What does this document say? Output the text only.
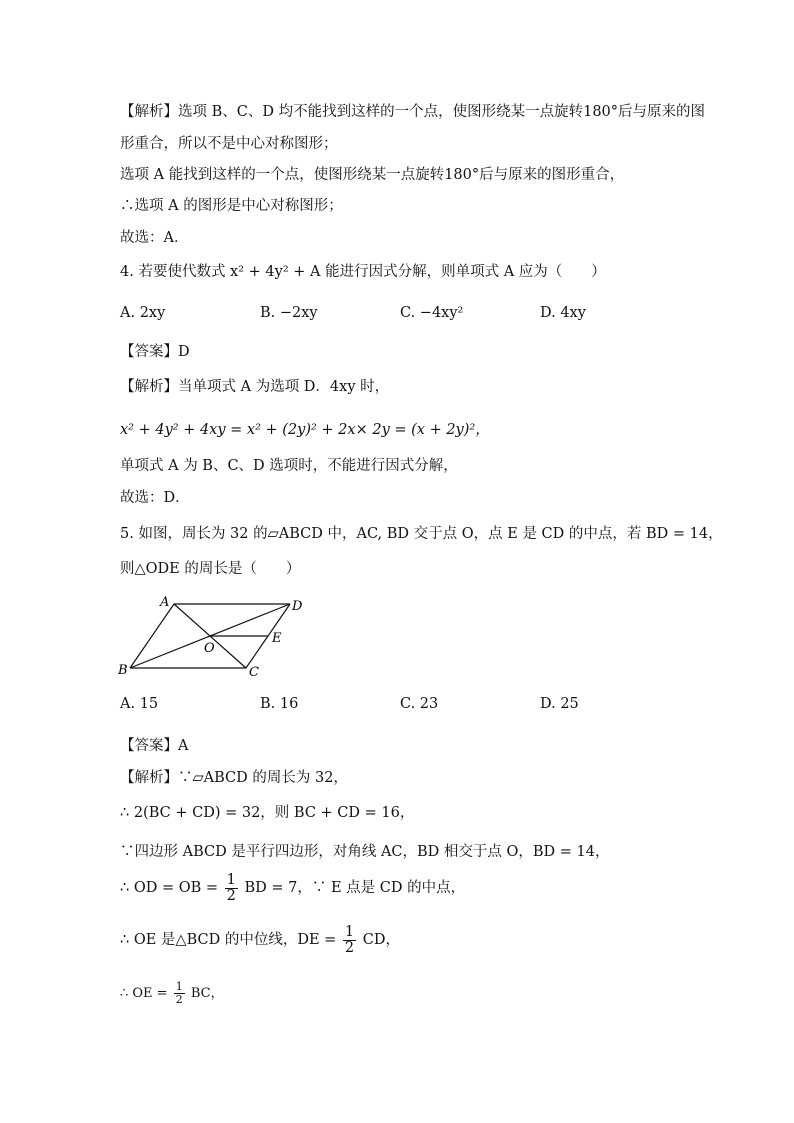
【解析】选项 B、C、D 均不能找到这样的一个点，使图形绕某一点旋转180°后与原来的图
形重合，所以不是中心对称图形；
选项 A 能找到这样的一个点，使图形绕某一点旋转180°后与原来的图形重合，
∴选项 A 的图形是中心对称图形；
故选：A．
4. 若要使代数式 x² + 4y² + A 能进行因式分解，则单项式 A 应为（　　）
A. 2xy	B. −2xy	C. −4xy²	D. 4xy
【答案】D
【解析】当单项式 A 为选项 D．4xy 时，
x² + 4y² + 4xy = x² + (2y)² + 2x× 2y = (x + 2y)²，
单项式 A 为 B、C、D 选项时，不能进行因式分解，
故选：D．
5. 如图，周长为 32 的▱ABCD 中，AC, BD 交于点 O，点 E 是 CD 的中点，若 BD = 14，
则△ODE 的周长是（　　）
A	D
E
O
B	C
A. 15	B. 16	C. 23	D. 25
【答案】A
【解析】∵▱ABCD 的周长为 32，
∴ 2(BC + CD) = 32，则 BC + CD = 16，
∵四边形 ABCD 是平行四边形，对角线 AC，BD 相交于点 O，BD = 14，
∴ OD = OB = $\frac{1}{2}$ BD = 7，∵ E 点是 CD 的中点，
∴ OE 是△BCD 的中位线，DE = $\frac{1}{2}$ CD，
∴ OE = $\frac{1}{2}$ BC，
